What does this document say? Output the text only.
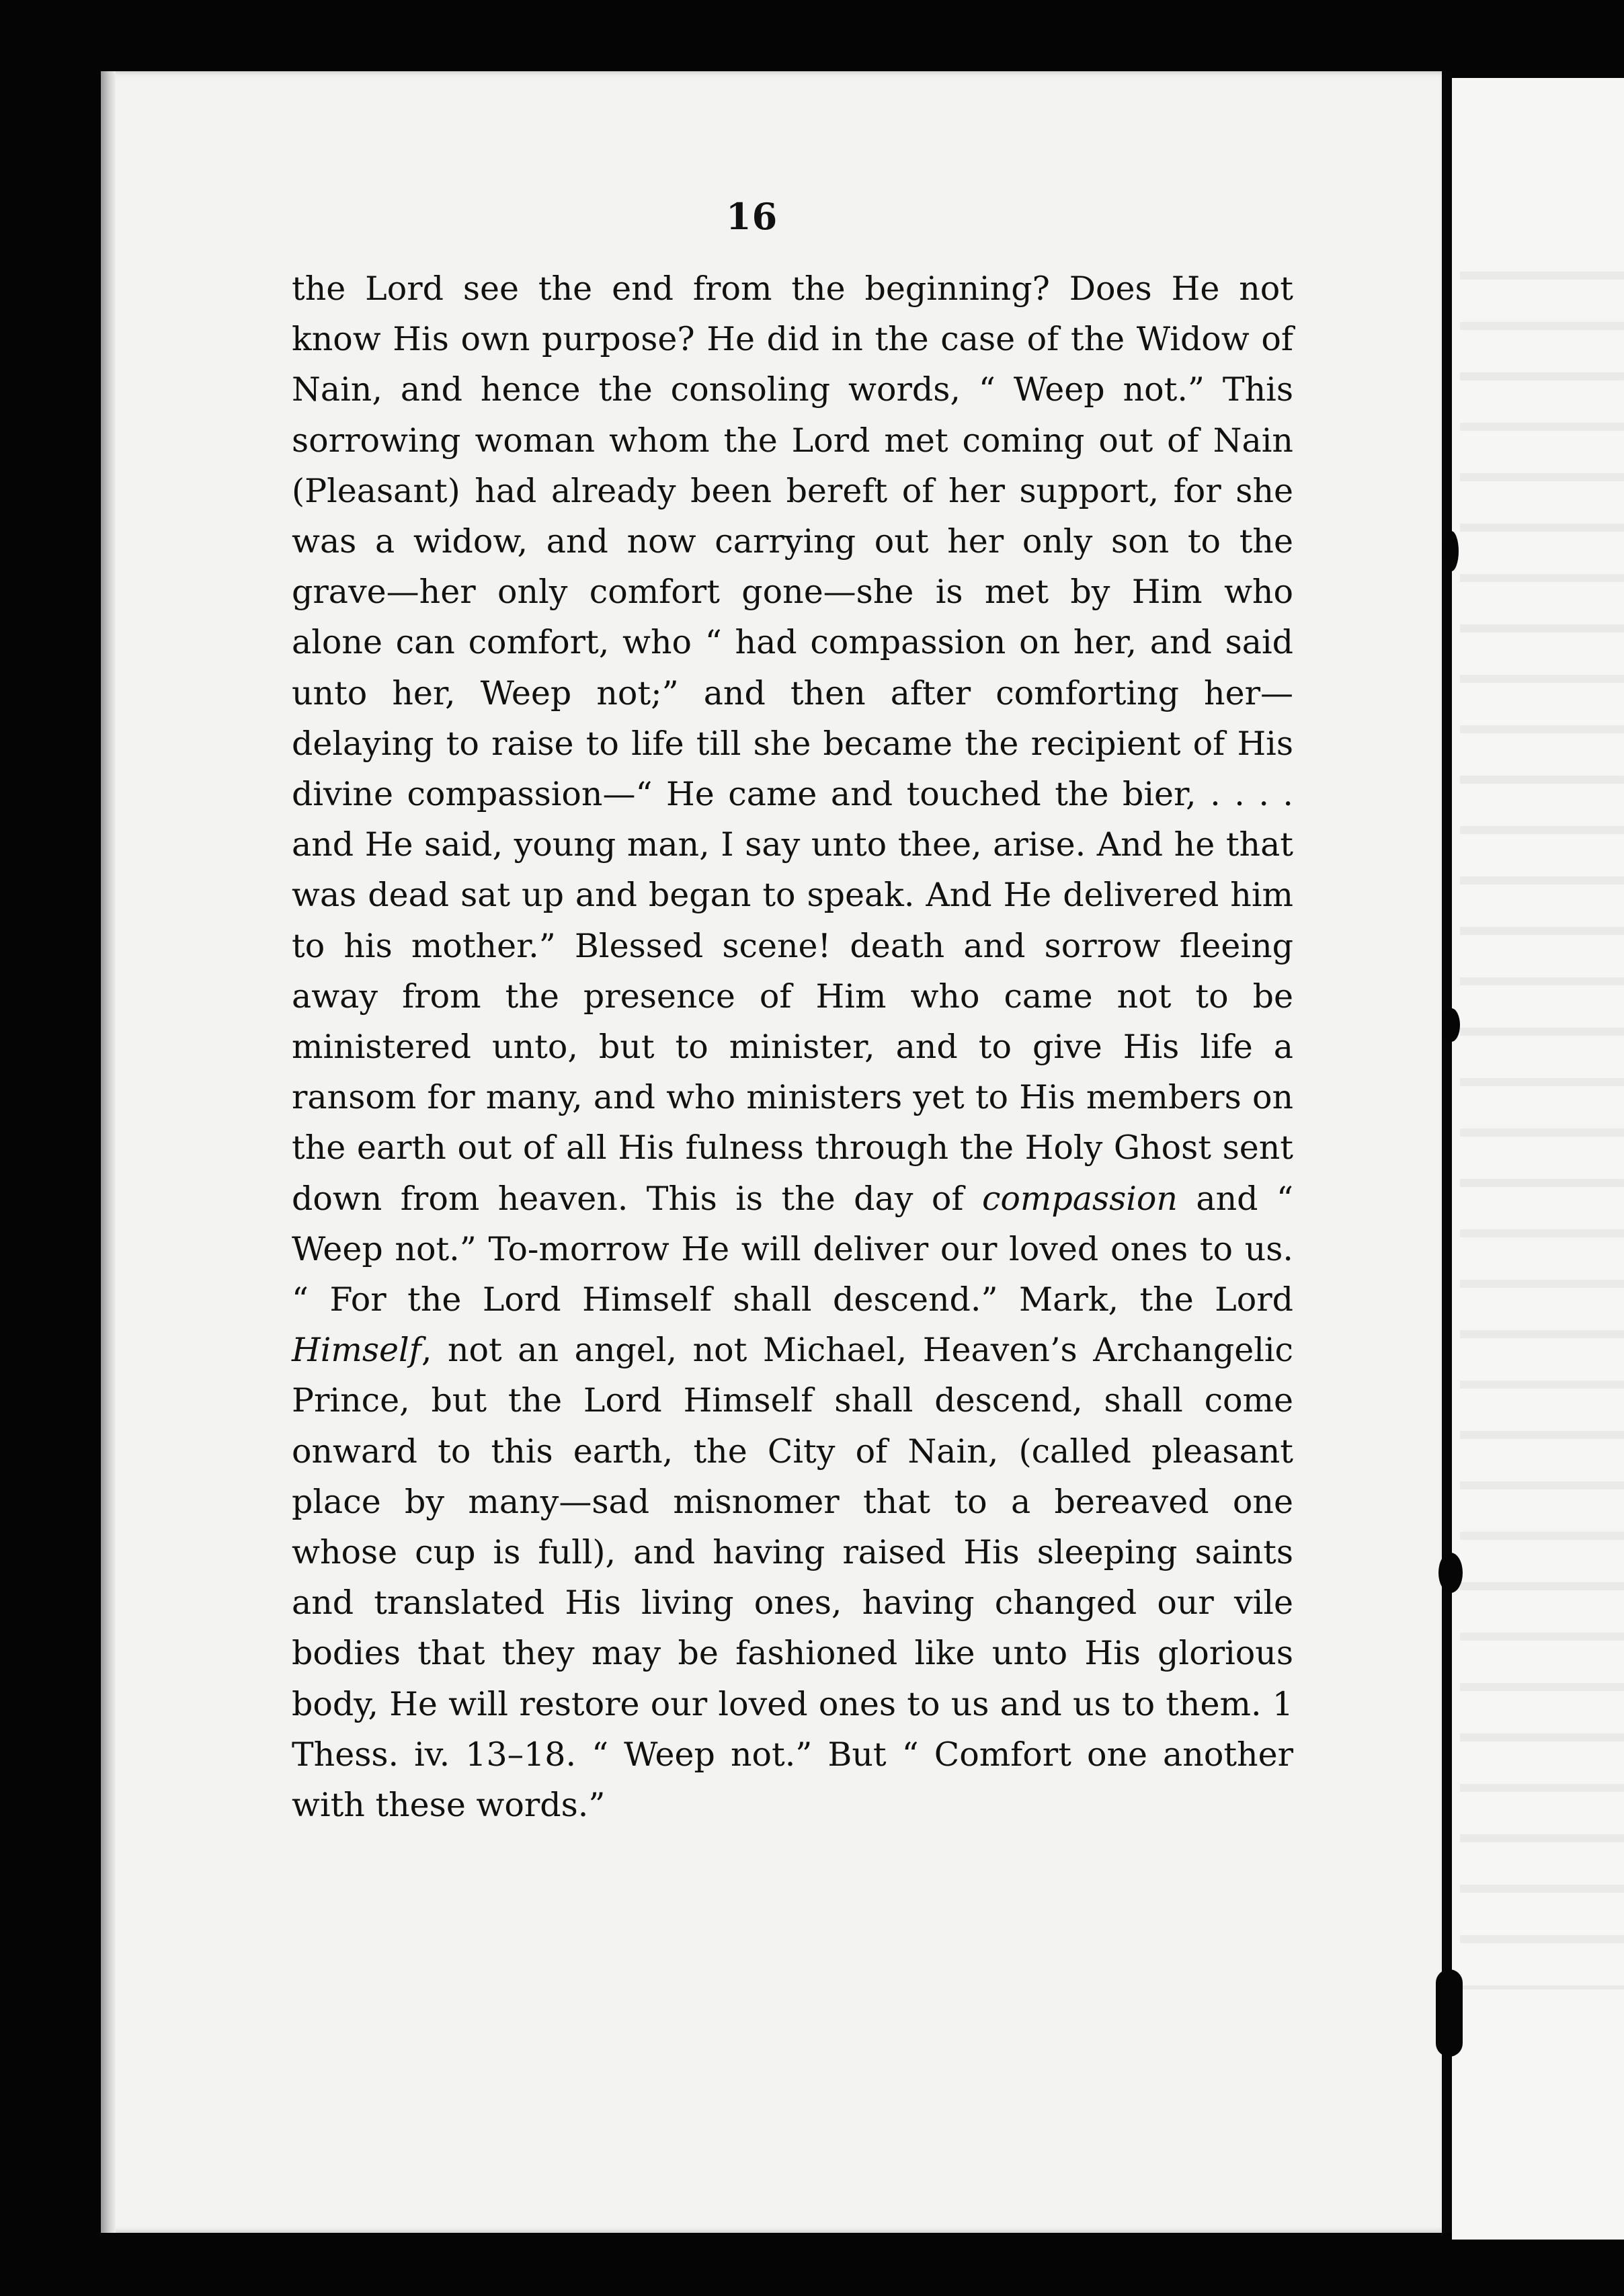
16

the Lord see the end from the beginning? Does He not know His own purpose? He did in the case of the Widow of Nain, and hence the consoling words, “ Weep not.” This sorrowing woman whom the Lord met coming out of Nain (Pleasant) had already been bereft of her support, for she was a widow, and now carrying out her only son to the grave—her only comfort gone—she is met by Him who alone can comfort, who “ had compassion on her, and said unto her, Weep not;” and then after comforting her—delaying to raise to life till she became the recipient of His divine compassion—“ He came and touched the bier, . . . . and He said, young man, I say unto thee, arise. And he that was dead sat up and began to speak. And He delivered him to his mother.” Blessed scene! death and sorrow fleeing away from the presence of Him who came not to be ministered unto, but to minister, and to give His life a ransom for many, and who ministers yet to His members on the earth out of all His fulness through the Holy Ghost sent down from heaven. This is the day of compassion and “ Weep not.” To-morrow He will deliver our loved ones to us. “ For the Lord Himself shall descend.” Mark, the Lord Himself, not an angel, not Michael, Heaven’s Archangelic Prince, but the Lord Himself shall descend, shall come onward to this earth, the City of Nain, (called pleasant place by many—sad misnomer that to a bereaved one whose cup is full), and having raised His sleeping saints and translated His living ones, having changed our vile bodies that they may be fashioned like unto His glorious body, He will restore our loved ones to us and us to them. 1 Thess. iv. 13–18. “ Weep not.” But “ Comfort one another with these words.”
